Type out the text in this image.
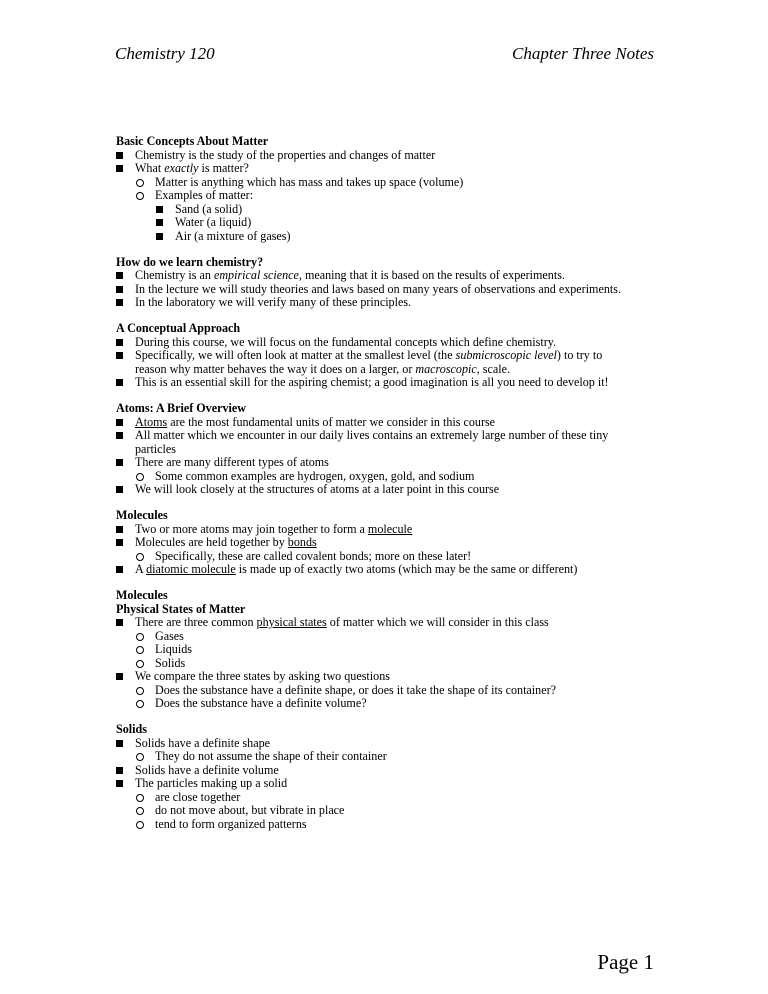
Chemistry 120	Chapter Three Notes
Basic Concepts About Matter
Chemistry is the study of the properties and changes of matter
What exactly is matter?
Matter is anything which has mass and takes up space (volume)
Examples of matter:
Sand (a solid)
Water (a liquid)
Air (a mixture of gases)
How do we learn chemistry?
Chemistry is an empirical science, meaning that it is based on the results of experiments.
In the lecture we will study theories and laws based on many years of observations and experiments.
In the laboratory we will verify many of these principles.
A Conceptual Approach
During this course, we will focus on the fundamental concepts which define chemistry.
Specifically, we will often look at matter at the smallest level (the submicroscopic level) to try to
reason why matter behaves the way it does on a larger, or macroscopic, scale.
This is an essential skill for the aspiring chemist; a good imagination is all you need to develop it!
Atoms: A Brief Overview
Atoms are the most fundamental units of matter we consider in this course
All matter which we encounter in our daily lives contains an extremely large number of these tiny
particles
There are many different types of atoms
Some common examples are hydrogen, oxygen, gold, and sodium
We will look closely at the structures of atoms at a later point in this course
Molecules
Two or more atoms may join together to form a molecule
Molecules are held together by bonds
Specifically, these are called covalent bonds; more on these later!
A diatomic molecule is made up of exactly two atoms (which may be the same or different)
Molecules
Physical States of Matter
There are three common physical states of matter which we will consider in this class
Gases
Liquids
Solids
We compare the three states by asking two questions
Does the substance have a definite shape, or does it take the shape of its container?
Does the substance have a definite volume?
Solids
Solids have a definite shape
They do not assume the shape of their container
Solids have a definite volume
The particles making up a solid
are close together
do not move about, but vibrate in place
tend to form organized patterns
Page 1
